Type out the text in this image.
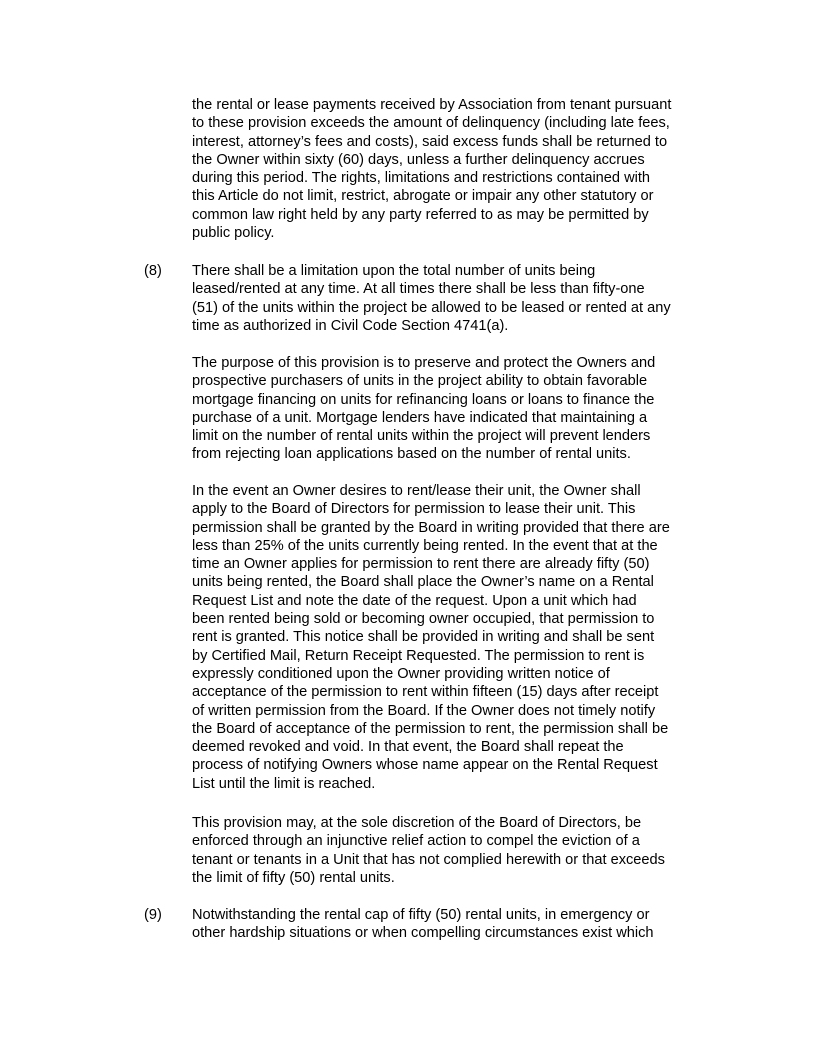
the rental or lease payments received by Association from tenant pursuant
to these provision exceeds the amount of delinquency (including late fees,
interest, attorney’s fees and costs), said excess funds shall be returned to
the Owner within sixty (60) days, unless a further delinquency accrues
during this period. The rights, limitations and restrictions contained with
this Article do not limit, restrict, abrogate or impair any other statutory or
common law right held by any party referred to as may be permitted by
public policy.

(8) There shall be a limitation upon the total number of units being
leased/rented at any time. At all times there shall be less than fifty-one
(51) of the units within the project be allowed to be leased or rented at any
time as authorized in Civil Code Section 4741(a).
The purpose of this provision is to preserve and protect the Owners and
prospective purchasers of units in the project ability to obtain favorable
mortgage financing on units for refinancing loans or loans to finance the
purchase of a unit. Mortgage lenders have indicated that maintaining a
limit on the number of rental units within the project will prevent lenders
from rejecting loan applications based on the number of rental units.
In the event an Owner desires to rent/lease their unit, the Owner shall
apply to the Board of Directors for permission to lease their unit. This
permission shall be granted by the Board in writing provided that there are
less than 25% of the units currently being rented. In the event that at the
time an Owner applies for permission to rent there are already fifty (50)
units being rented, the Board shall place the Owner’s name on a Rental
Request List and note the date of the request. Upon a unit which had
been rented being sold or becoming owner occupied, that permission to
rent is granted. This notice shall be provided in writing and shall be sent
by Certified Mail, Return Receipt Requested. The permission to rent is
expressly conditioned upon the Owner providing written notice of
acceptance of the permission to rent within fifteen (15) days after receipt
of written permission from the Board. If the Owner does not timely notify
the Board of acceptance of the permission to rent, the permission shall be
deemed revoked and void. In that event, the Board shall repeat the
process of notifying Owners whose name appear on the Rental Request
List until the limit is reached.
This provision may, at the sole discretion of the Board of Directors, be
enforced through an injunctive relief action to compel the eviction of a
tenant or tenants in a Unit that has not complied herewith or that exceeds
the limit of fifty (50) rental units.

(9) Notwithstanding the rental cap of fifty (50) rental units, in emergency or
other hardship situations or when compelling circumstances exist which
